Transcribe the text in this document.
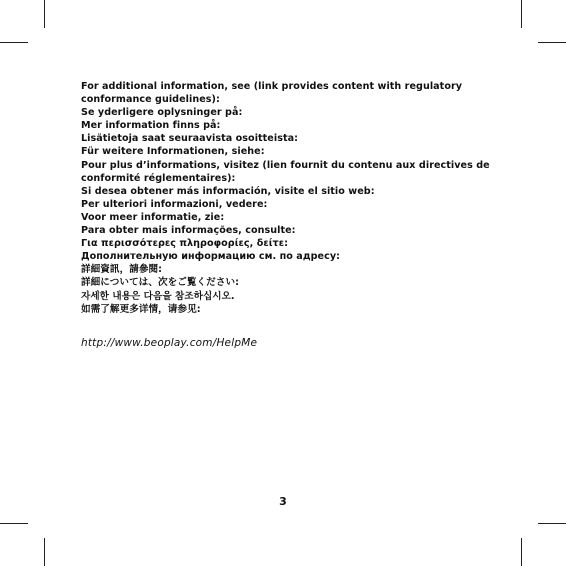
For additional information, see (link provides content with regulatory conformance guidelines):
Se yderligere oplysninger på:
Mer information finns på:
Lisätietoja saat seuraavista osoitteista:
Für weitere Informationen, siehe:
Pour plus d’informations, visitez (lien fournit du contenu aux directives de conformité réglementaires):
Si desea obtener más información, visite el sitio web:
Per ulteriori informazioni, vedere:
Voor meer informatie, zie:
Para obter mais informações, consulte:
Για περισσότερες πληροφορίες, δείτε:
Дополнительную информацию см. по адресу:
詳細資訊，請參閱:
詳細については、次をご覧ください:
자세한 내용은 다음을 참조하십시오.
如需了解更多详情，请参见:
http://www.beoplay.com/HelpMe
3
